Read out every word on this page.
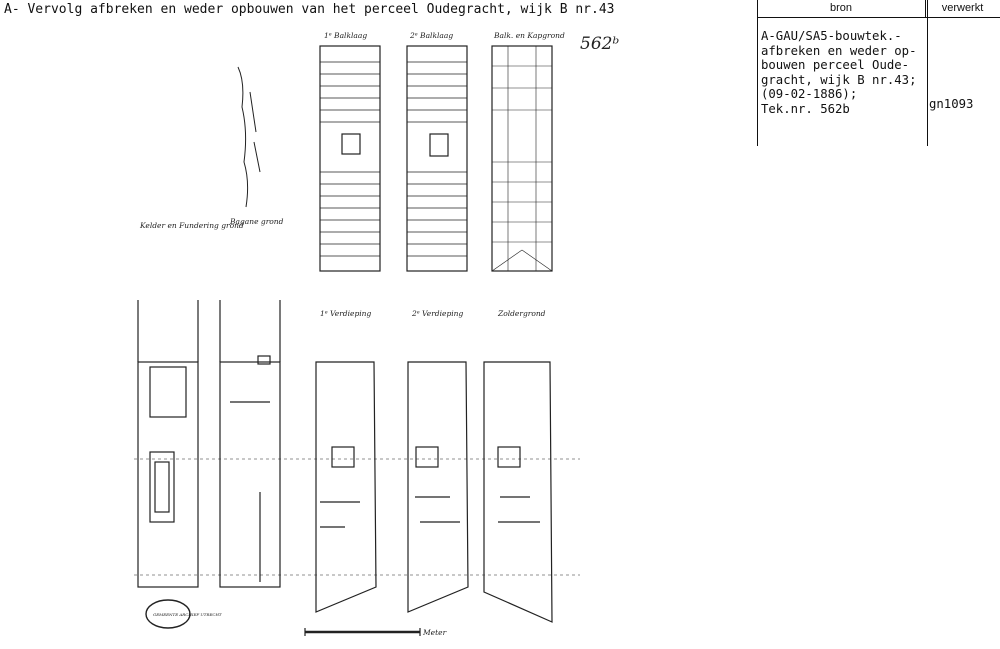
A- Vervolg afbreken en weder opbouwen van het perceel Oudegracht, wijk B nr.43
1ᵉ Balklaag	2ᵉ Balklaag	Balk. en Kapgrond
Kelder en Fundering grond
Bagane grond
1ᵉ Verdieping	2ᵉ Verdieping	Zoldergrond
Meter
GEMEENTE ARCHIEF UTRECHT
562ᵇ
bron	verwerkt
A-GAU/SA5-bouwtek.-
afbreken en weder op-
bouwen perceel Oude-
gracht, wijk B nr.43;
(09-02-1886);
Tek.nr. 562b	gn1093
